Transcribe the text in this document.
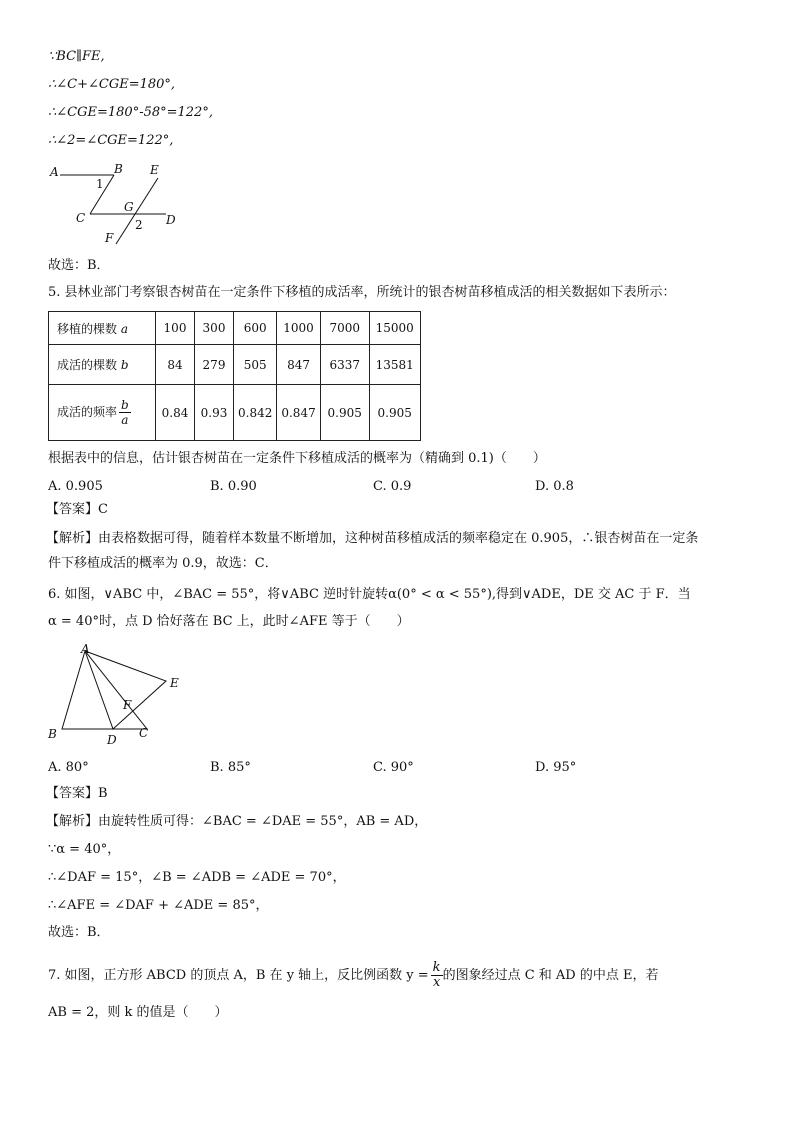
∵BC∥FE,
∴∠C+∠CGE=180°,
∴∠CGE=180°-58°=122°,
∴∠2=∠CGE=122°,
A	B E
1
C
G
2 D
F
故选：B．
5. 县林业部门考察银杏树苗在一定条件下移植的成活率，所统计的银杏树苗移植成活的相关数据如下表所示：
移植的棵数 a	100	300	600	1000	7000	15000
成活的棵数 b	84	279	505	847	6337	13581
成活的频率 $\frac{b}{a}$	0.84	0.93	0.842	0.847	0.905	0.905
根据表中的信息，估计银杏树苗在一定条件下移植成活的概率为（精确到 0.1)（　　）
A. 0.905	B. 0.90	C. 0.9	D. 0.8
【答案】C
【解析】由表格数据可得，随着样本数量不断增加，这种树苗移植成活的频率稳定在 0.905，∴银杏树苗在一定条
件下移植成活的概率为 0.9，故选：C．
6. 如图，∨ABC 中，∠BAC = 55°，将∨ABC 逆时针旋转α(0° < α < 55°),得到∨ADE，DE 交 AC 于 F．当
α = 40°时，点 D 恰好落在 BC 上，此时∠AFE 等于（　　）
A
E
F
B	D C
A. 80°	B. 85°	C. 90°	D. 95°
【答案】B
【解析】由旋转性质可得：∠BAC = ∠DAE = 55°，AB = AD，
∵α = 40°，
∴∠DAF = 15°，∠B = ∠ADB = ∠ADE = 70°，
∴∠AFE = ∠DAF + ∠ADE = 85°，
故选：B．
7. 如图，正方形 ABCD 的顶点 A，B 在 y 轴上，反比例函数 $y = \frac{k}{x}$ 的图象经过点 C 和 AD 的中点 E，若
AB = 2，则 k 的值是（　　）
